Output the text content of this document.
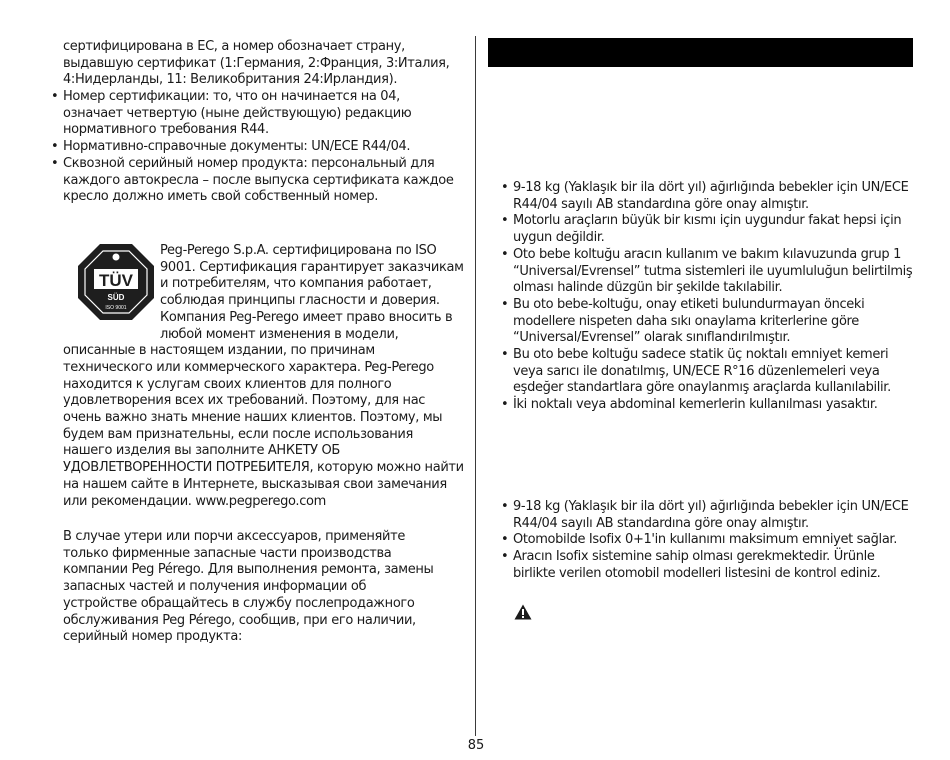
сертифицирована в ЕС, а номер обозначает страну, выдавшую сертификат (1:Германия, 2:Франция, 3:Италия, 4:Нидерланды, 11: Великобритания 24:Ирландия).

• Номер сертификации: то, что он начинается на 04, означает четвертую (ныне действующую) редакцию нормативного требования R44.
• Нормативно-справочные документы: UN/ECE R44/04.
• Сквозной серийный номер продукта: персональный для каждого автокресла – после выпуска сертификата каждое кресло должно иметь свой собственный номер.
TÜV
SÜD
ISO 9001

Peg-Perego S.p.A. сертифицирована по ISO 9001. Сертификация гарантирует заказчикам и потребителям, что компания работает, соблюдая принципы гласности и доверия. Компания Peg-Perego имеет право вносить в любой момент изменения в модели, описанные в настоящем издании, по причинам технического или коммерческого характера. Peg-Perego находится к услугам своих клиентов для полного удовлетворения всех их требований. Поэтому, для нас очень важно знать мнение наших клиентов. Поэтому, мы будем вам признательны, если после использования нашего изделия вы заполните АНКЕТУ ОБ УДОВЛЕТВОРЕННОСТИ ПОТРЕБИТЕЛЯ, которую можно найти на нашем сайте в Интернете, высказывая свои замечания или рекомендации. www.pegperego.com

В случае утери или порчи аксессуаров, применяйте только фирменные запасные части производства компании Peg Pérego. Для выполнения ремонта, замены запасных частей и получения информации об устройстве обращайтесь в службу послепродажного обслуживания Peg Pérego, сообщив, при его наличии, серийный номер продукта:

• 9-18 kg (Yaklaşık bir ila dört yıl) ağırlığında bebekler için UN/ECE R44/04 sayılı AB standardına göre onay almıştır.
• Motorlu araçların büyük bir kısmı için uygundur fakat hepsi için uygun değildir.
• Oto bebe koltuğu aracın kullanım ve bakım kılavuzunda grup 1 “Universal/Evrensel” tutma sistemleri ile uyumluluğun belirtilmiş olması halinde düzgün bir şekilde takılabilir.
• Bu oto bebe-koltuğu, onay etiketi bulundurmayan önceki modellere nispeten daha sıkı onaylama kriterlerine göre “Universal/Evrensel” olarak sınıflandırılmıştır.
• Bu oto bebe koltuğu sadece statik üç noktalı emniyet kemeri veya sarıcı ile donatılmış, UN/ECE R°16 düzenlemeleri veya eşdeğer standartlara göre onaylanmış araçlarda kullanılabilir.
• İki noktalı veya abdominal kemerlerin kullanılması yasaktır.
• 9-18 kg (Yaklaşık bir ila dört yıl) ağırlığında bebekler için UN/ECE R44/04 sayılı AB standardına göre onay almıştır.
• Otomobilde Isofix 0+1'in kullanımı maksimum emniyet sağlar.
• Aracın Isofix sistemine sahip olması gerekmektedir. Ürünle birlikte verilen otomobil modelleri listesini de kontrol ediniz.
85
